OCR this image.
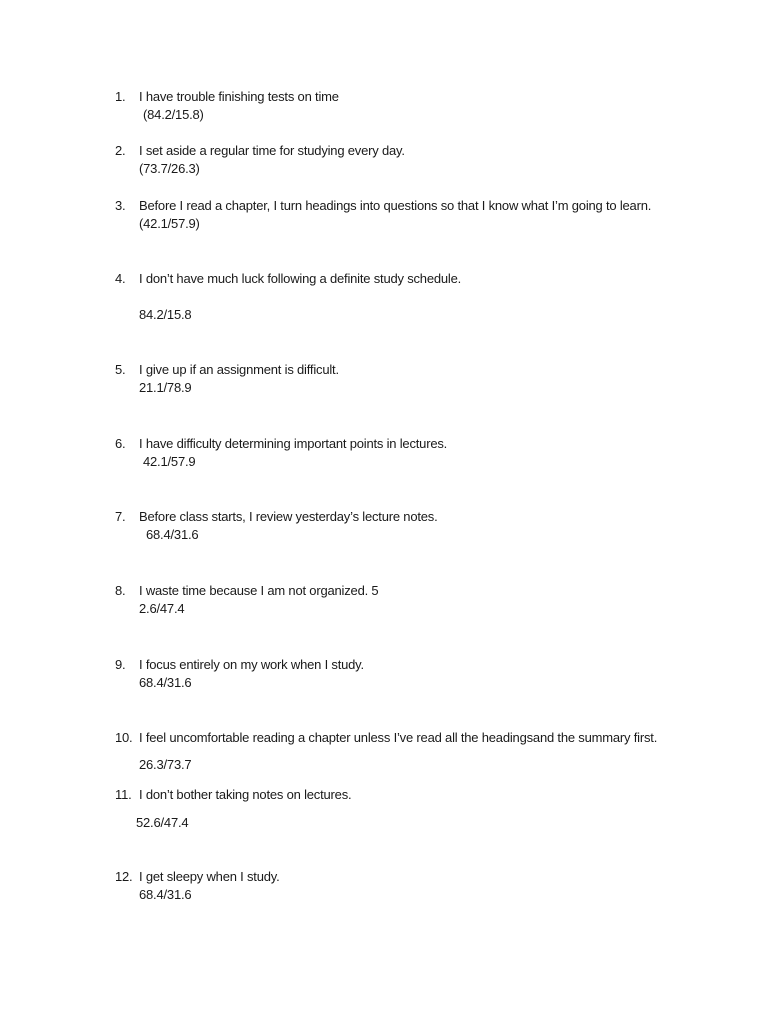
1. I have trouble finishing tests on time
(84.2/15.8)
2. I set aside a regular time for studying every day.
(73.7/26.3)
3. Before I read a chapter, I turn headings into questions so that I know what I’m going to learn.
(42.1/57.9)
4. I don’t have much luck following a definite study schedule.
84.2/15.8
5. I give up if an assignment is difficult.
21.1/78.9
6. I have difficulty determining important points in lectures.
42.1/57.9
7. Before class starts, I review yesterday’s lecture notes.
68.4/31.6
8. I waste time because I am not organized. 5
2.6/47.4
9. I focus entirely on my work when I study.
68.4/31.6
10. I feel uncomfortable reading a chapter unless I’ve read all the headingsand the summary first.
26.3/73.7
11. I don’t bother taking notes on lectures.
52.6/47.4
12. I get sleepy when I study.
68.4/31.6
